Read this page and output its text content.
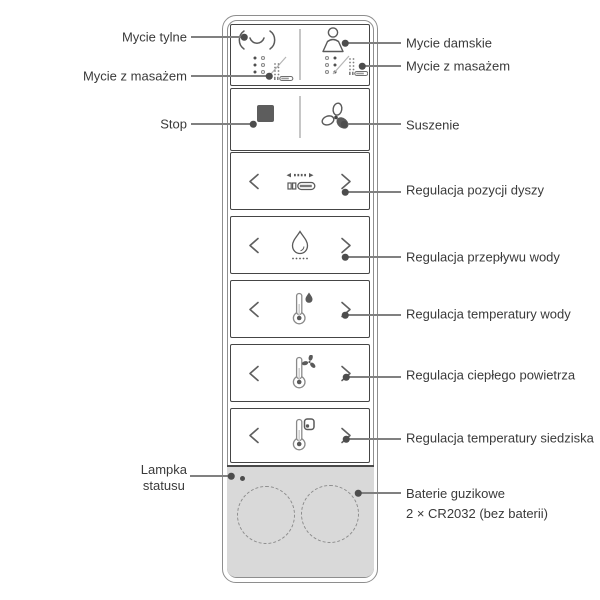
Mycie tylne
Mycie z masażem
Stop
Lampka
statusu
Mycie damskie
Mycie z masażem
Suszenie
Regulacja pozycji dyszy
Regulacja przepływu wody
Regulacja temperatury wody
Regulacja ciepłego powietrza
Regulacja temperatury siedziska
Baterie guzikowe
2 × CR2032 (bez baterii)
